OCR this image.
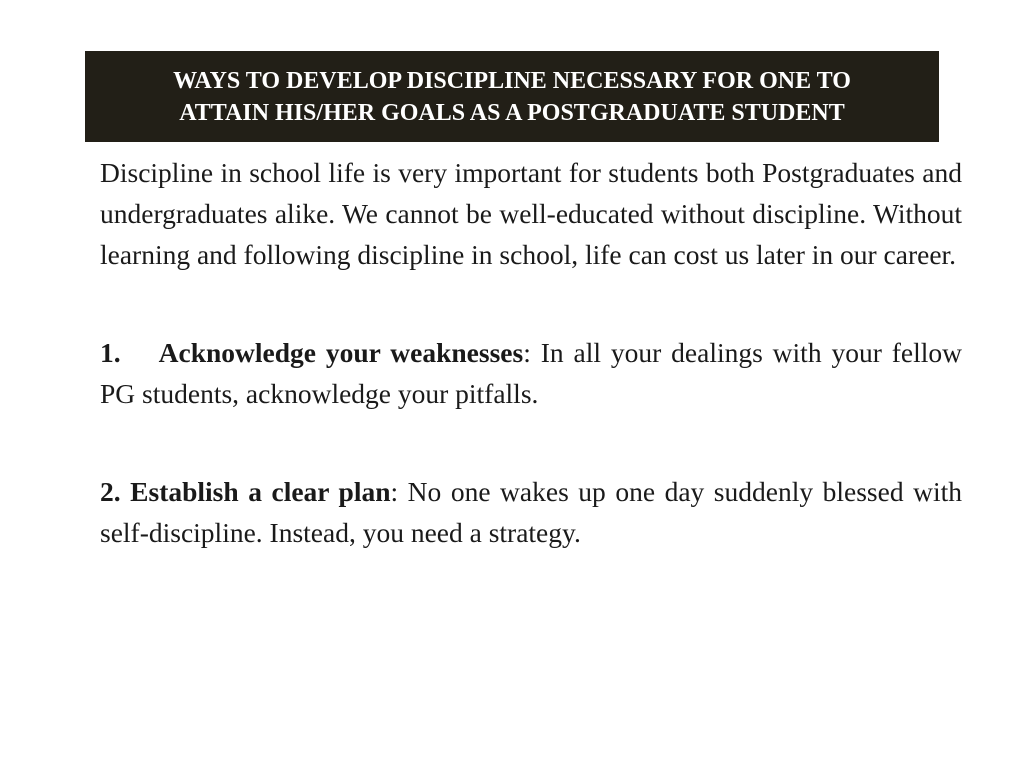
WAYS TO DEVELOP DISCIPLINE NECESSARY FOR ONE TO
ATTAIN HIS/HER GOALS AS A POSTGRADUATE STUDENT

Discipline in school life is very important for students both Postgraduates and undergraduates alike. We cannot be well-educated without discipline. Without learning and following discipline in school, life can cost us later in our career.

1. Acknowledge your weaknesses: In all your dealings with your fellow PG students, acknowledge your pitfalls.

2. Establish a clear plan: No one wakes up one day suddenly blessed with self-discipline. Instead, you need a strategy.
